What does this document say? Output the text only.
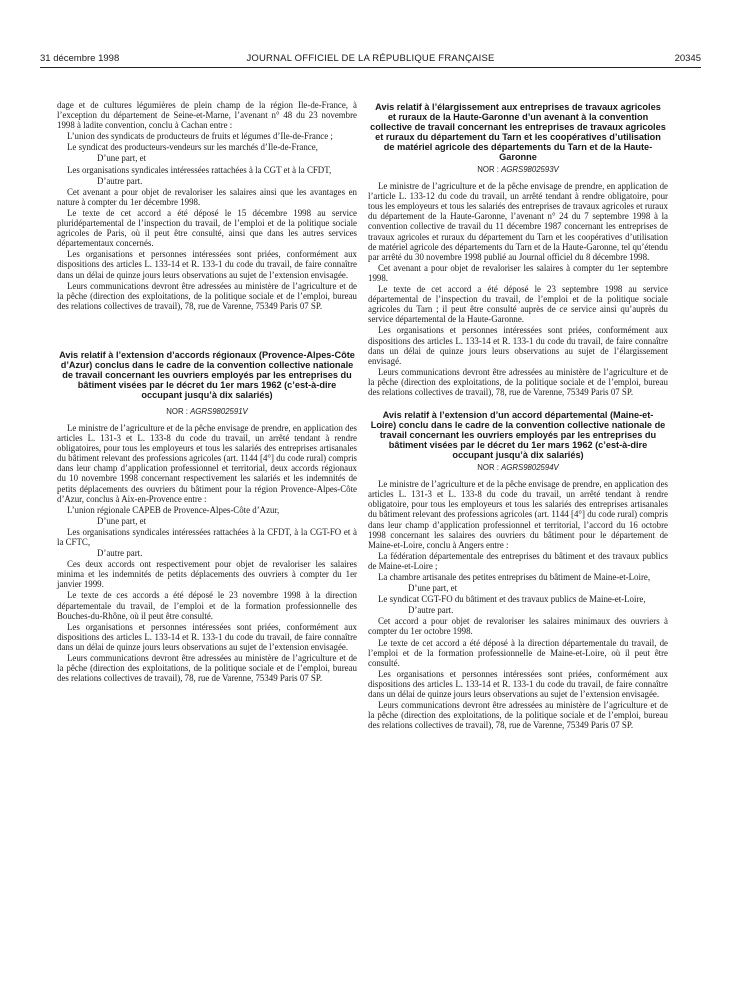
31 décembre 1998	JOURNAL OFFICIEL DE LA RÉPUBLIQUE FRANÇAISE	20345

dage et de cultures légumières de plein champ de la région Ile-de-France, à l’exception du département de Seine-et-Marne, l’avenant n° 48 du 23 novembre 1998 à ladite convention, conclu à Cachan entre :

L’union des syndicats de producteurs de fruits et légumes d’Ile-de-France ;

Le syndicat des producteurs-vendeurs sur les marchés d’Ile-de-France,

D’une part, et

Les organisations syndicales intéressées rattachées à la CGT et à la CFDT,

D’autre part.

Cet avenant a pour objet de revaloriser les salaires ainsi que les avantages en nature à compter du 1er décembre 1998.

Le texte de cet accord a été déposé le 15 décembre 1998 au service pluridépartemental de l’inspection du travail, de l’emploi et de la politique sociale agricoles de Paris, où il peut être consulté, ainsi que dans les autres services départementaux concernés.

Les organisations et personnes intéressées sont priées, conformément aux dispositions des articles L. 133-14 et R. 133-1 du code du travail, de faire connaître dans un délai de quinze jours leurs observations au sujet de l’extension envisagée.

Leurs communications devront être adressées au ministère de l’agriculture et de la pêche (direction des exploitations, de la politique sociale et de l’emploi, bureau des relations collectives de travail), 78, rue de Varenne, 75349 Paris 07 SP.

Avis relatif à l’extension d’accords régionaux (Provence-Alpes-Côte d’Azur) conclus dans le cadre de la convention collective nationale de travail concernant les ouvriers employés par les entreprises du bâtiment visées par le décret du 1er mars 1962 (c’est-à-dire occupant jusqu’à dix salariés)
NOR : AGRS9802591V

Le ministre de l’agriculture et de la pêche envisage de prendre, en application des articles L. 131-3 et L. 133-8 du code du travail, un arrêté tendant à rendre obligatoires, pour tous les employeurs et tous les salariés des entreprises artisanales du bâtiment relevant des professions agricoles (art. 1144 [4°] du code rural) compris dans leur champ d’application professionnel et territorial, deux accords régionaux du 10 novembre 1998 concernant respectivement les salariés et les indemnités de petits déplacements des ouvriers du bâtiment pour la région Provence-Alpes-Côte d’Azur, conclus à Aix-en-Provence entre :

L’union régionale CAPEB de Provence-Alpes-Côte d’Azur,

D’une part, et

Les organisations syndicales intéressées rattachées à la CFDT, à la CGT-FO et à la CFTC,

D’autre part.

Ces deux accords ont respectivement pour objet de revaloriser les salaires minima et les indemnités de petits déplacements des ouvriers à compter du 1er janvier 1999.

Le texte de ces accords a été déposé le 23 novembre 1998 à la direction départementale du travail, de l’emploi et de la formation professionnelle des Bouches-du-Rhône, où il peut être consulté.

Les organisations et personnes intéressées sont priées, conformément aux dispositions des articles L. 133-14 et R. 133-1 du code du travail, de faire connaître dans un délai de quinze jours leurs observations au sujet de l’extension envisagée.

Leurs communications devront être adressées au ministère de l’agriculture et de la pêche (direction des exploitations, de la politique sociale et de l’emploi, bureau des relations collectives de travail), 78, rue de Varenne, 75349 Paris 07 SP.

Avis relatif à l’élargissement aux entreprises de travaux agricoles et ruraux de la Haute-Garonne d’un avenant à la convention collective de travail concernant les entreprises de travaux agricoles et ruraux du département du Tarn et les coopératives d’utilisation de matériel agricole des départements du Tarn et de la Haute-Garonne
NOR : AGRS9802593V

Le ministre de l’agriculture et de la pêche envisage de prendre, en application de l’article L. 133-12 du code du travail, un arrêté tendant à rendre obligatoire, pour tous les employeurs et tous les salariés des entreprises de travaux agricoles et ruraux du département de la Haute-Garonne, l’avenant n° 24 du 7 septembre 1998 à la convention collective de travail du 11 décembre 1987 concernant les entreprises de travaux agricoles et ruraux du département du Tarn et les coopératives d’utilisation de matériel agricole des départements du Tarn et de la Haute-Garonne, tel qu’étendu par arrêté du 30 novembre 1998 publié au Journal officiel du 8 décembre 1998.

Cet avenant a pour objet de revaloriser les salaires à compter du 1er septembre 1998.

Le texte de cet accord a été déposé le 23 septembre 1998 au service départemental de l’inspection du travail, de l’emploi et de la politique sociale agricoles du Tarn ; il peut être consulté auprès de ce service ainsi qu’auprès du service départemental de la Haute-Garonne.

Les organisations et personnes intéressées sont priées, conformément aux dispositions des articles L. 133-14 et R. 133-1 du code du travail, de faire connaître dans un délai de quinze jours leurs observations au sujet de l’élargissement envisagé.

Leurs communications devront être adressées au ministère de l’agriculture et de la pêche (direction des exploitations, de la politique sociale et de l’emploi, bureau des relations collectives de travail), 78, rue de Varenne, 75349 Paris 07 SP.

Avis relatif à l’extension d’un accord départemental (Maine-et-Loire) conclu dans le cadre de la convention collective nationale de travail concernant les ouvriers employés par les entreprises du bâtiment visées par le décret du 1er mars 1962 (c’est-à-dire occupant jusqu’à dix salariés)
NOR : AGRS9802594V

Le ministre de l’agriculture et de la pêche envisage de prendre, en application des articles L. 131-3 et L. 133-8 du code du travail, un arrêté tendant à rendre obligatoire, pour tous les employeurs et tous les salariés des entreprises artisanales du bâtiment relevant des professions agricoles (art. 1144 [4°] du code rural) compris dans leur champ d’application professionnel et territorial, l’accord du 16 octobre 1998 concernant les salaires des ouvriers du bâtiment pour le département de Maine-et-Loire, conclu à Angers entre :

La fédération départementale des entreprises du bâtiment et des travaux publics de Maine-et-Loire ;

La chambre artisanale des petites entreprises du bâtiment de Maine-et-Loire,

D’une part, et

Le syndicat CGT-FO du bâtiment et des travaux publics de Maine-et-Loire,

D’autre part.

Cet accord a pour objet de revaloriser les salaires minimaux des ouvriers à compter du 1er octobre 1998.

Le texte de cet accord a été déposé à la direction départementale du travail, de l’emploi et de la formation professionnelle de Maine-et-Loire, où il peut être consulté.

Les organisations et personnes intéressées sont priées, conformément aux dispositions des articles L. 133-14 et R. 133-1 du code du travail, de faire connaître dans un délai de quinze jours leurs observations au sujet de l’extension envisagée.

Leurs communications devront être adressées au ministère de l’agriculture et de la pêche (direction des exploitations, de la politique sociale et de l’emploi, bureau des relations collectives de travail), 78, rue de Varenne, 75349 Paris 07 SP.
